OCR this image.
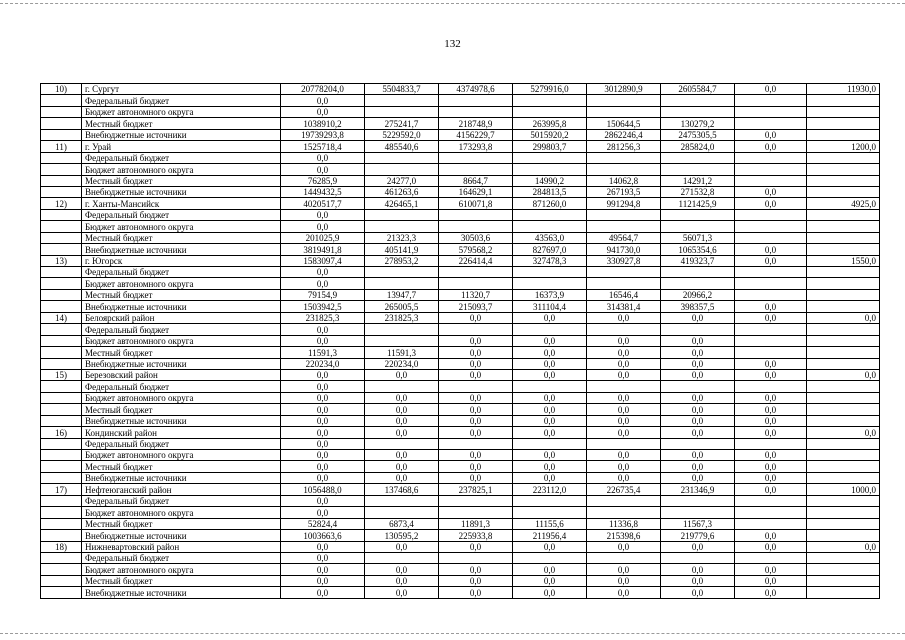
132
10)	г. Сургут	20778204,0	5504833,7	4374978,6	5279916,0	3012890,9	2605584,7	0,0	11930,0
	Федеральный бюджет	0,0							
	Бюджет автономного округа	0,0							
	Местный бюджет	1038910,2	275241,7	218748,9	263995,8	150644,5	130279,2		
	Внебюджетные источники	19739293,8	5229592,0	4156229,7	5015920,2	2862246,4	2475305,5	0,0	
11)	г. Урай	1525718,4	485540,6	173293,8	299803,7	281256,3	285824,0	0,0	1200,0
	Федеральный бюджет	0,0							
	Бюджет автономного округа	0,0							
	Местный бюджет	76285,9	24277,0	8664,7	14990,2	14062,8	14291,2		
	Внебюджетные источники	1449432,5	461263,6	164629,1	284813,5	267193,5	271532,8	0,0	
12)	г. Ханты-Мансийск	4020517,7	426465,1	610071,8	871260,0	991294,8	1121425,9	0,0	4925,0
	Федеральный бюджет	0,0							
	Бюджет автономного округа	0,0							
	Местный бюджет	201025,9	21323,3	30503,6	43563,0	49564,7	56071,3		
	Внебюджетные источники	3819491,8	405141,9	579568,2	827697,0	941730,0	1065354,6	0,0	
13)	г. Югорск	1583097,4	278953,2	226414,4	327478,3	330927,8	419323,7	0,0	1550,0
	Федеральный бюджет	0,0							
	Бюджет автономного округа	0,0							
	Местный бюджет	79154,9	13947,7	11320,7	16373,9	16546,4	20966,2		
	Внебюджетные источники	1503942,5	265005,5	215093,7	311104,4	314381,4	398357,5	0,0	
14)	Белоярский район	231825,3	231825,3	0,0	0,0	0,0	0,0	0,0	0,0
	Федеральный бюджет	0,0							
	Бюджет автономного округа	0,0		0,0	0,0	0,0	0,0		
	Местный бюджет	11591,3	11591,3	0,0	0,0	0,0	0,0		
	Внебюджетные источники	220234,0	220234,0	0,0	0,0	0,0	0,0	0,0	
15)	Березовский район	0,0	0,0	0,0	0,0	0,0	0,0	0,0	0,0
	Федеральный бюджет	0,0							
	Бюджет автономного округа	0,0	0,0	0,0	0,0	0,0	0,0	0,0	
	Местный бюджет	0,0	0,0	0,0	0,0	0,0	0,0	0,0	
	Внебюджетные источники	0,0	0,0	0,0	0,0	0,0	0,0	0,0	
16)	Кондинский район	0,0	0,0	0,0	0,0	0,0	0,0	0,0	0,0
	Федеральный бюджет	0,0							
	Бюджет автономного округа	0,0	0,0	0,0	0,0	0,0	0,0	0,0	
	Местный бюджет	0,0	0,0	0,0	0,0	0,0	0,0	0,0	
	Внебюджетные источники	0,0	0,0	0,0	0,0	0,0	0,0	0,0	
17)	Нефтеюганский район	1056488,0	137468,6	237825,1	223112,0	226735,4	231346,9	0,0	1000,0
	Федеральный бюджет	0,0							
	Бюджет автономного округа	0,0							
	Местный бюджет	52824,4	6873,4	11891,3	11155,6	11336,8	11567,3		
	Внебюджетные источники	1003663,6	130595,2	225933,8	211956,4	215398,6	219779,6	0,0	
18)	Нижневартовский район	0,0	0,0	0,0	0,0	0,0	0,0	0,0	0,0
	Федеральный бюджет	0,0							
	Бюджет автономного округа	0,0	0,0	0,0	0,0	0,0	0,0	0,0	
	Местный бюджет	0,0	0,0	0,0	0,0	0,0	0,0	0,0	
	Внебюджетные источники	0,0	0,0	0,0	0,0	0,0	0,0	0,0	
